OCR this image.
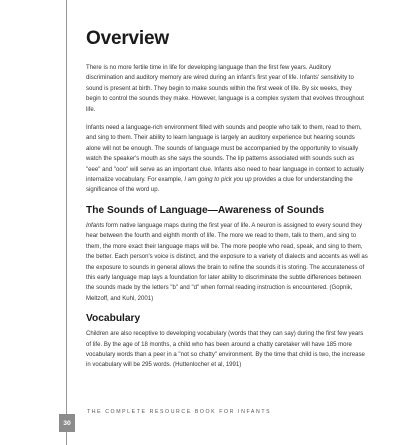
Overview

There is no more fertile time in life for developing language than the first few years. Auditory discrimination and auditory memory are wired during an infant's first year of life. Infants' sensitivity to sound is present at birth. They begin to make sounds within the first week of life. By six weeks, they begin to control the sounds they make. However, language is a complex system that evolves throughout life.

Infants need a language-rich environment filled with sounds and people who talk to them, read to them, and sing to them. Their ability to learn language is largely an auditory experience but hearing sounds alone will not be enough. The sounds of language must be accompanied by the opportunity to visually watch the speaker's mouth as she says the sounds. The lip patterns associated with sounds such as "eee" and "ooo" will serve as an important clue. Infants also need to hear language in context to actually internalize vocabulary. For example, I am going to pick you up provides a clue for understanding the significance of the word up.

The Sounds of Language—Awareness of Sounds

Infants form native language maps during the first year of life. A neuron is assigned to every sound they hear between the fourth and eighth month of life. The more we read to them, talk to them, and sing to them, the more exact their language maps will be. The more people who read, speak, and sing to them, the better. Each person's voice is distinct, and the exposure to a variety of dialects and accents as well as the exposure to sounds in general allows the brain to refine the sounds it is storing. The accurateness of this early language map lays a foundation for later ability to discriminate the subtle differences between the sounds made by the letters "b" and "d" when formal reading instruction is encountered. (Gopnik, Meltzoff, and Kuhl, 2001)

Vocabulary

Children are also receptive to developing vocabulary (words that they can say) during the first few years of life. By the age of 18 months, a child who has been around a chatty caretaker will have 185 more vocabulary words than a peer in a "not so chatty" environment. By the time that child is two, the increase in vocabulary will be 295 words. (Huttenlocher et al, 1991)

30
THE COMPLETE RESOURCE BOOK FOR INFANTS
